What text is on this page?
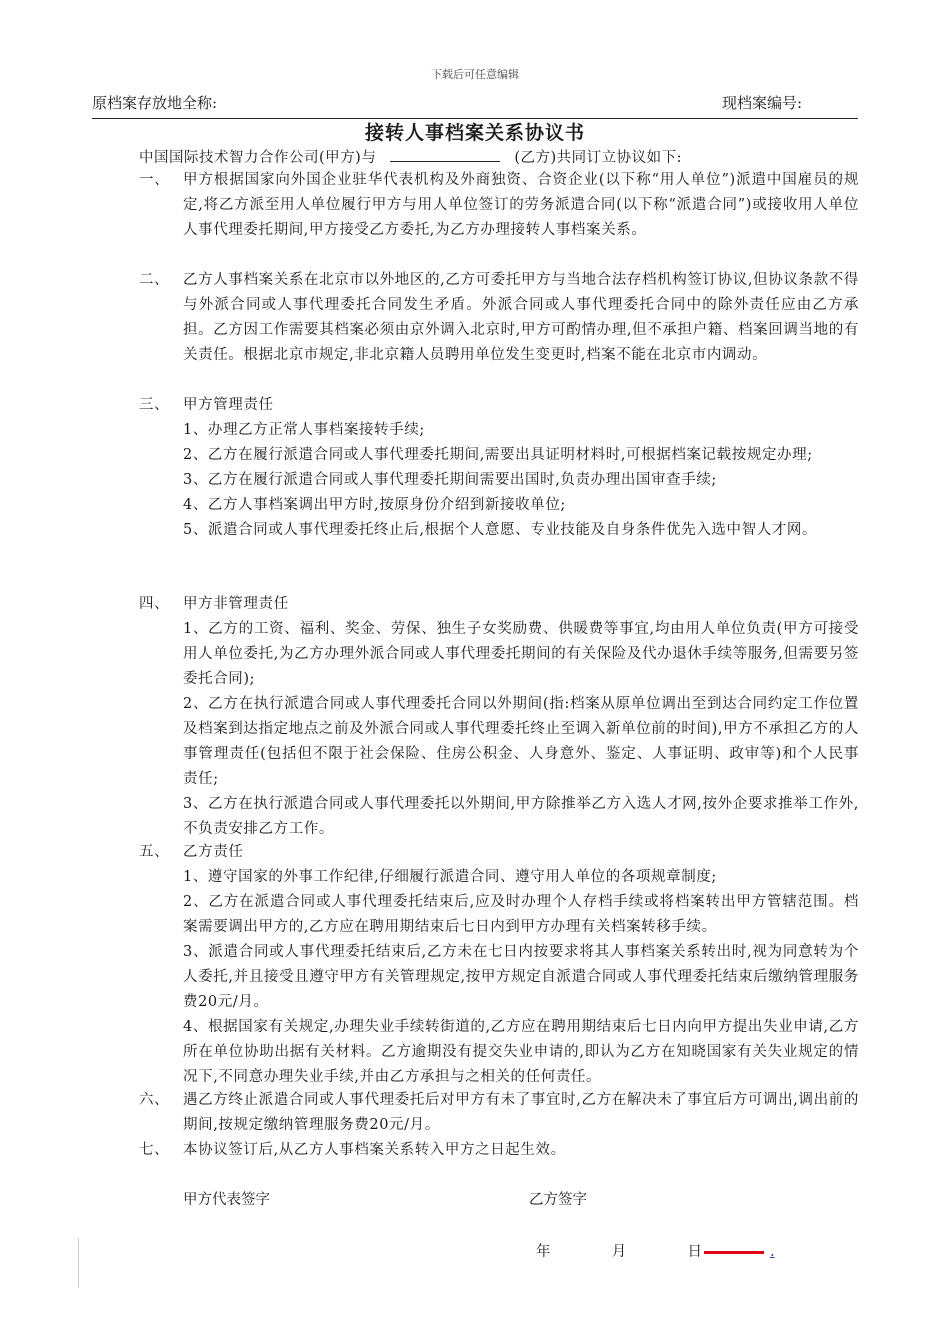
下载后可任意编辑
原档案存放地全称:	现档案编号:
接转人事档案关系协议书
中国国际技术智力合作公司(甲方)与	(乙方)共同订立协议如下:
一、 甲方根据国家向外国企业驻华代表机构及外商独资、合资企业(以下称“用人单位”)派遣中国雇员的规定,将乙方派至用人单位履行甲方与用人单位签订的劳务派遣合同(以下称“派遣合同”)或接收用人单位人事代理委托期间,甲方接受乙方委托,为乙方办理接转人事档案关系。
二、 乙方人事档案关系在北京市以外地区的,乙方可委托甲方与当地合法存档机构签订协议,但协议条款不得与外派合同或人事代理委托合同发生矛盾。外派合同或人事代理委托合同中的除外责任应由乙方承担。乙方因工作需要其档案必须由京外调入北京时,甲方可酌情办理,但不承担户籍、档案回调当地的有关责任。根据北京市规定,非北京籍人员聘用单位发生变更时,档案不能在北京市内调动。
三、 甲方管理责任
1、办理乙方正常人事档案接转手续;
2、乙方在履行派遣合同或人事代理委托期间,需要出具证明材料时,可根据档案记载按规定办理;
3、乙方在履行派遣合同或人事代理委托期间需要出国时,负责办理出国审查手续;
4、乙方人事档案调出甲方时,按原身份介绍到新接收单位;
5、派遣合同或人事代理委托终止后,根据个人意愿、专业技能及自身条件优先入选中智人才网。
四、 甲方非管理责任
1、乙方的工资、福利、奖金、劳保、独生子女奖励费、供暖费等事宜,均由用人单位负责(甲方可接受用人单位委托,为乙方办理外派合同或人事代理委托期间的有关保险及代办退休手续等服务,但需要另签委托合同);
2、乙方在执行派遣合同或人事代理委托合同以外期间(指:档案从原单位调出至到达合同约定工作位置及档案到达指定地点之前及外派合同或人事代理委托终止至调入新单位前的时间),甲方不承担乙方的人事管理责任(包括但不限于社会保险、住房公积金、人身意外、鉴定、人事证明、政审等)和个人民事责任;
3、乙方在执行派遣合同或人事代理委托以外期间,甲方除推举乙方入选人才网,按外企要求推举工作外,不负责安排乙方工作。
五、 乙方责任
1、遵守国家的外事工作纪律,仔细履行派遣合同、遵守用人单位的各项规章制度;
2、乙方在派遣合同或人事代理委托结束后,应及时办理个人存档手续或将档案转出甲方管辖范围。档案需要调出甲方的,乙方应在聘用期结束后七日内到甲方办理有关档案转移手续。
3、派遣合同或人事代理委托结束后,乙方未在七日内按要求将其人事档案关系转出时,视为同意转为个人委托,并且接受且遵守甲方有关管理规定,按甲方规定自派遣合同或人事代理委托结束后缴纳管理服务费20元/月。
4、根据国家有关规定,办理失业手续转街道的,乙方应在聘用期结束后七日内向甲方提出失业申请,乙方所在单位协助出据有关材料。乙方逾期没有提交失业申请的,即认为乙方在知晓国家有关失业规定的情况下,不同意办理失业手续,并由乙方承担与之相关的任何责任。
六、 遇乙方终止派遣合同或人事代理委托后对甲方有未了事宜时,乙方在解决未了事宜后方可调出,调出前的期间,按规定缴纳管理服务费20元/月。
七、 本协议签订后,从乙方人事档案关系转入甲方之日起生效。
甲方代表签字	乙方签字
年	月	日	.
